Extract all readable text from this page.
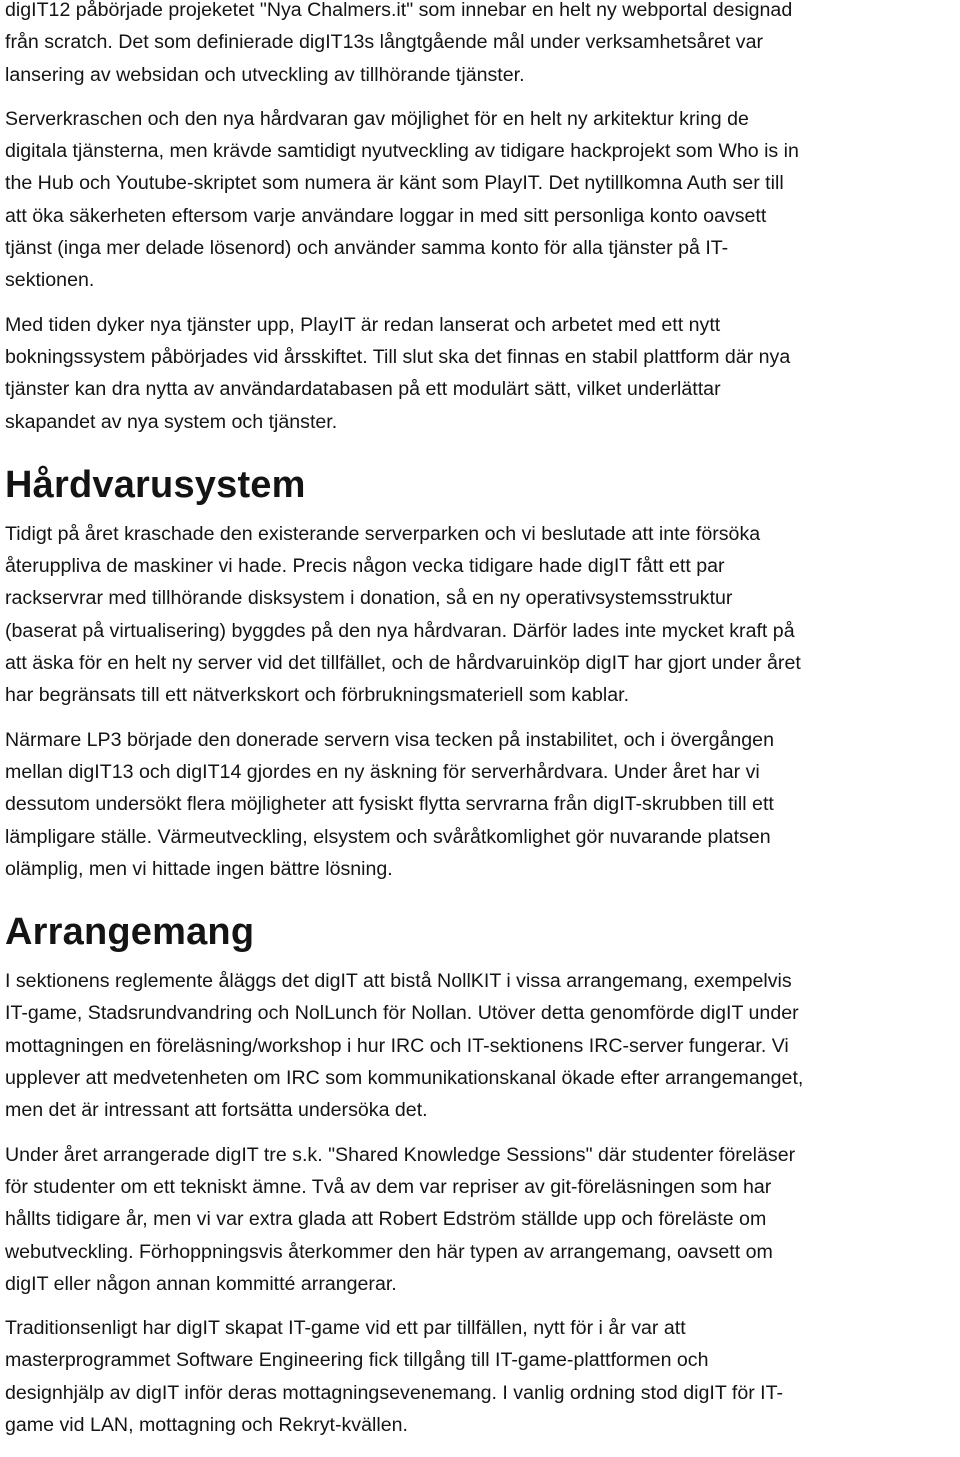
digIT12 påbörjade projeketet "Nya Chalmers.it" som innebar en helt ny webportal designad
från scratch. Det som definierade digIT13s långtgående mål under verksamhetsåret var
lansering av websidan och utveckling av tillhörande tjänster.

Serverkraschen och den nya hårdvaran gav möjlighet för en helt ny arkitektur kring de
digitala tjänsterna, men krävde samtidigt nyutveckling av tidigare hackprojekt som Who is in
the Hub och Youtube-skriptet som numera är känt som PlayIT. Det nytillkomna Auth ser till
att öka säkerheten eftersom varje användare loggar in med sitt personliga konto oavsett
tjänst (inga mer delade lösenord) och använder samma konto för alla tjänster på IT-
sektionen.

Med tiden dyker nya tjänster upp, PlayIT är redan lanserat och arbetet med ett nytt
bokningssystem påbörjades vid årsskiftet. Till slut ska det finnas en stabil plattform där nya
tjänster kan dra nytta av användardatabasen på ett modulärt sätt, vilket underlättar
skapandet av nya system och tjänster.

Hårdvarusystem

Tidigt på året kraschade den existerande serverparken och vi beslutade att inte försöka
återuppliva de maskiner vi hade. Precis någon vecka tidigare hade digIT fått ett par
rackservrar med tillhörande disksystem i donation, så en ny operativsystemsstruktur
(baserat på virtualisering) byggdes på den nya hårdvaran. Därför lades inte mycket kraft på
att äska för en helt ny server vid det tillfället, och de hårdvaruinköp digIT har gjort under året
har begränsats till ett nätverkskort och förbrukningsmateriell som kablar.

Närmare LP3 började den donerade servern visa tecken på instabilitet, och i övergången
mellan digIT13 och digIT14 gjordes en ny äskning för serverhårdvara. Under året har vi
dessutom undersökt flera möjligheter att fysiskt flytta servrarna från digIT-skrubben till ett
lämpligare ställe. Värmeutveckling, elsystem och svåråtkomlighet gör nuvarande platsen
olämplig, men vi hittade ingen bättre lösning.

Arrangemang

I sektionens reglemente åläggs det digIT att bistå NollKIT i vissa arrangemang, exempelvis
IT-game, Stadsrundvandring och NolLunch för Nollan. Utöver detta genomförde digIT under
mottagningen en föreläsning/workshop i hur IRC och IT-sektionens IRC-server fungerar. Vi
upplever att medvetenheten om IRC som kommunikationskanal ökade efter arrangemanget,
men det är intressant att fortsätta undersöka det.

Under året arrangerade digIT tre s.k. "Shared Knowledge Sessions" där studenter föreläser
för studenter om ett tekniskt ämne. Två av dem var repriser av git-föreläsningen som har
hållts tidigare år, men vi var extra glada att Robert Edström ställde upp och föreläste om
webutveckling. Förhoppningsvis återkommer den här typen av arrangemang, oavsett om
digIT eller någon annan kommitté arrangerar.

Traditionsenligt har digIT skapat IT-game vid ett par tillfällen, nytt för i år var att
masterprogrammet Software Engineering fick tillgång till IT-game-plattformen och
designhjälp av digIT inför deras mottagningsevenemang. I vanlig ordning stod digIT för IT-
game vid LAN, mottagning och Rekryt-kvällen.
